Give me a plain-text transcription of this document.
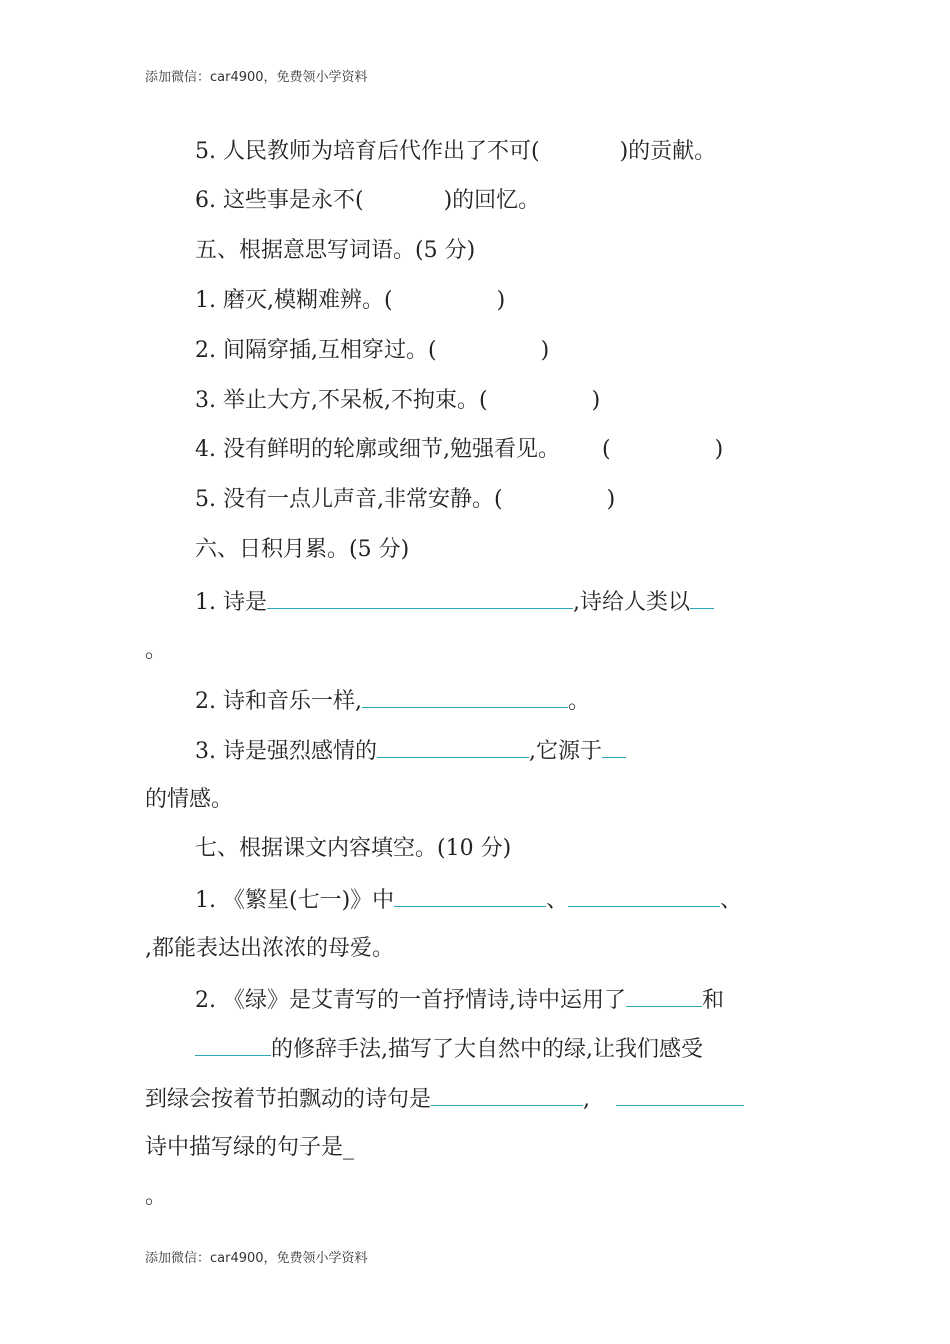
添加微信：car4900，免费领小学资料
5. 人民教师为培育后代作出了不可(	)的贡献。
6. 这些事是永不(	)的回忆。
五、根据意思写词语。(5 分)
1. 磨灭,模糊难辨。(	)
2. 间隔穿插,互相穿过。(	)
3. 举止大方,不呆板,不拘束。(	)
4. 没有鲜明的轮廓或细节,勉强看见。 (	)
5. 没有一点儿声音,非常安静。(	)
六、日积月累。(5 分)
1. 诗是	,诗给人类以
。
2. 诗和音乐一样,	。
3. 诗是强烈感情的	,它源于
的情感。
七、根据课文内容填空。(10 分)
1. 《繁星(七一)》中	、	、
,都能表达出浓浓的母爱。
2. 《绿》是艾青写的一首抒情诗,诗中运用了	和
的修辞手法,描写了大自然中的绿,让我们感受
到绿会按着节拍飘动的诗句是	,
诗中描写绿的句子是_
。
添加微信：car4900，免费领小学资料
